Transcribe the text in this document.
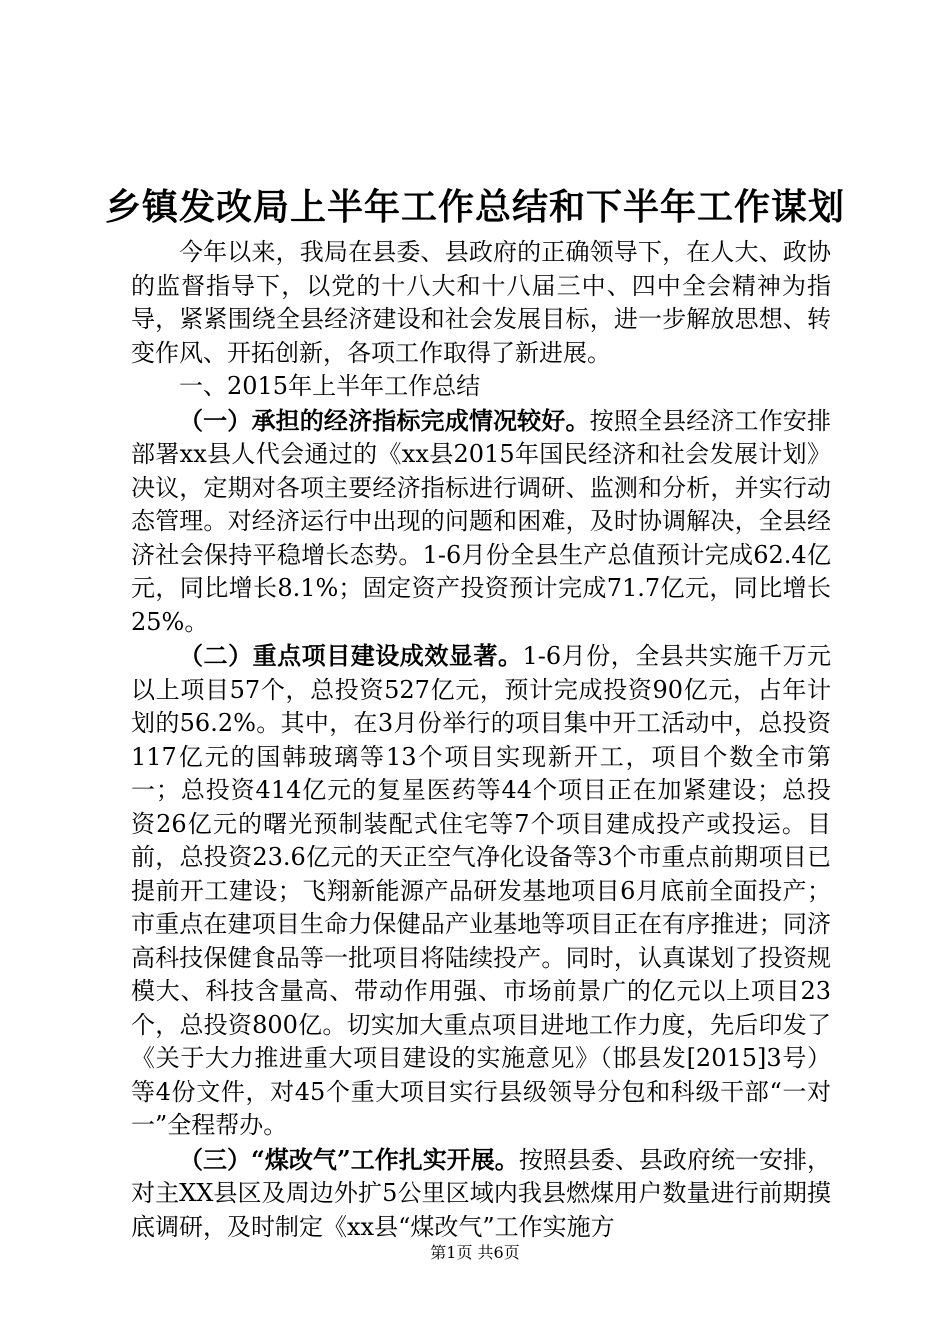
乡镇发改局上半年工作总结和下半年工作谋划

今年以来，我局在县委、县政府的正确领导下，在人大、政协的监督指导下，以党的十八大和十八届三中、四中全会精神为指导，紧紧围绕全县经济建设和社会发展目标，进一步解放思想、转变作风、开拓创新，各项工作取得了新进展。

一、2015年上半年工作总结

（一）承担的经济指标完成情况较好。按照全县经济工作安排部署xx县人代会通过的《xx县2015年国民经济和社会发展计划》决议，定期对各项主要经济指标进行调研、监测和分析，并实行动态管理。对经济运行中出现的问题和困难，及时协调解决，全县经济社会保持平稳增长态势。1-6月份全县生产总值预计完成62.4亿元，同比增长8.1%；固定资产投资预计完成71.7亿元，同比增长25%。

（二）重点项目建设成效显著。1-6月份，全县共实施千万元以上项目57个，总投资527亿元，预计完成投资90亿元，占年计划的56.2%。其中，在3月份举行的项目集中开工活动中，总投资117亿元的国韩玻璃等13个项目实现新开工，项目个数全市第一；总投资414亿元的复星医药等44个项目正在加紧建设；总投资26亿元的曙光预制装配式住宅等7个项目建成投产或投运。目前，总投资23.6亿元的天正空气净化设备等3个市重点前期项目已提前开工建设；飞翔新能源产品研发基地项目6月底前全面投产；市重点在建项目生命力保健品产业基地等项目正在有序推进；同济高科技保健食品等一批项目将陆续投产。同时，认真谋划了投资规模大、科技含量高、带动作用强、市场前景广的亿元以上项目23个，总投资800亿。切实加大重点项目进地工作力度，先后印发了《关于大力推进重大项目建设的实施意见》（邯县发[2015]3号）等4份文件，对45个重大项目实行县级领导分包和科级干部“一对一”全程帮办。

（三）“煤改气”工作扎实开展。按照县委、县政府统一安排，对主XX县区及周边外扩5公里区域内我县燃煤用户数量进行前期摸底调研，及时制定《xx县“煤改气”工作实施方

第1页 共6页
